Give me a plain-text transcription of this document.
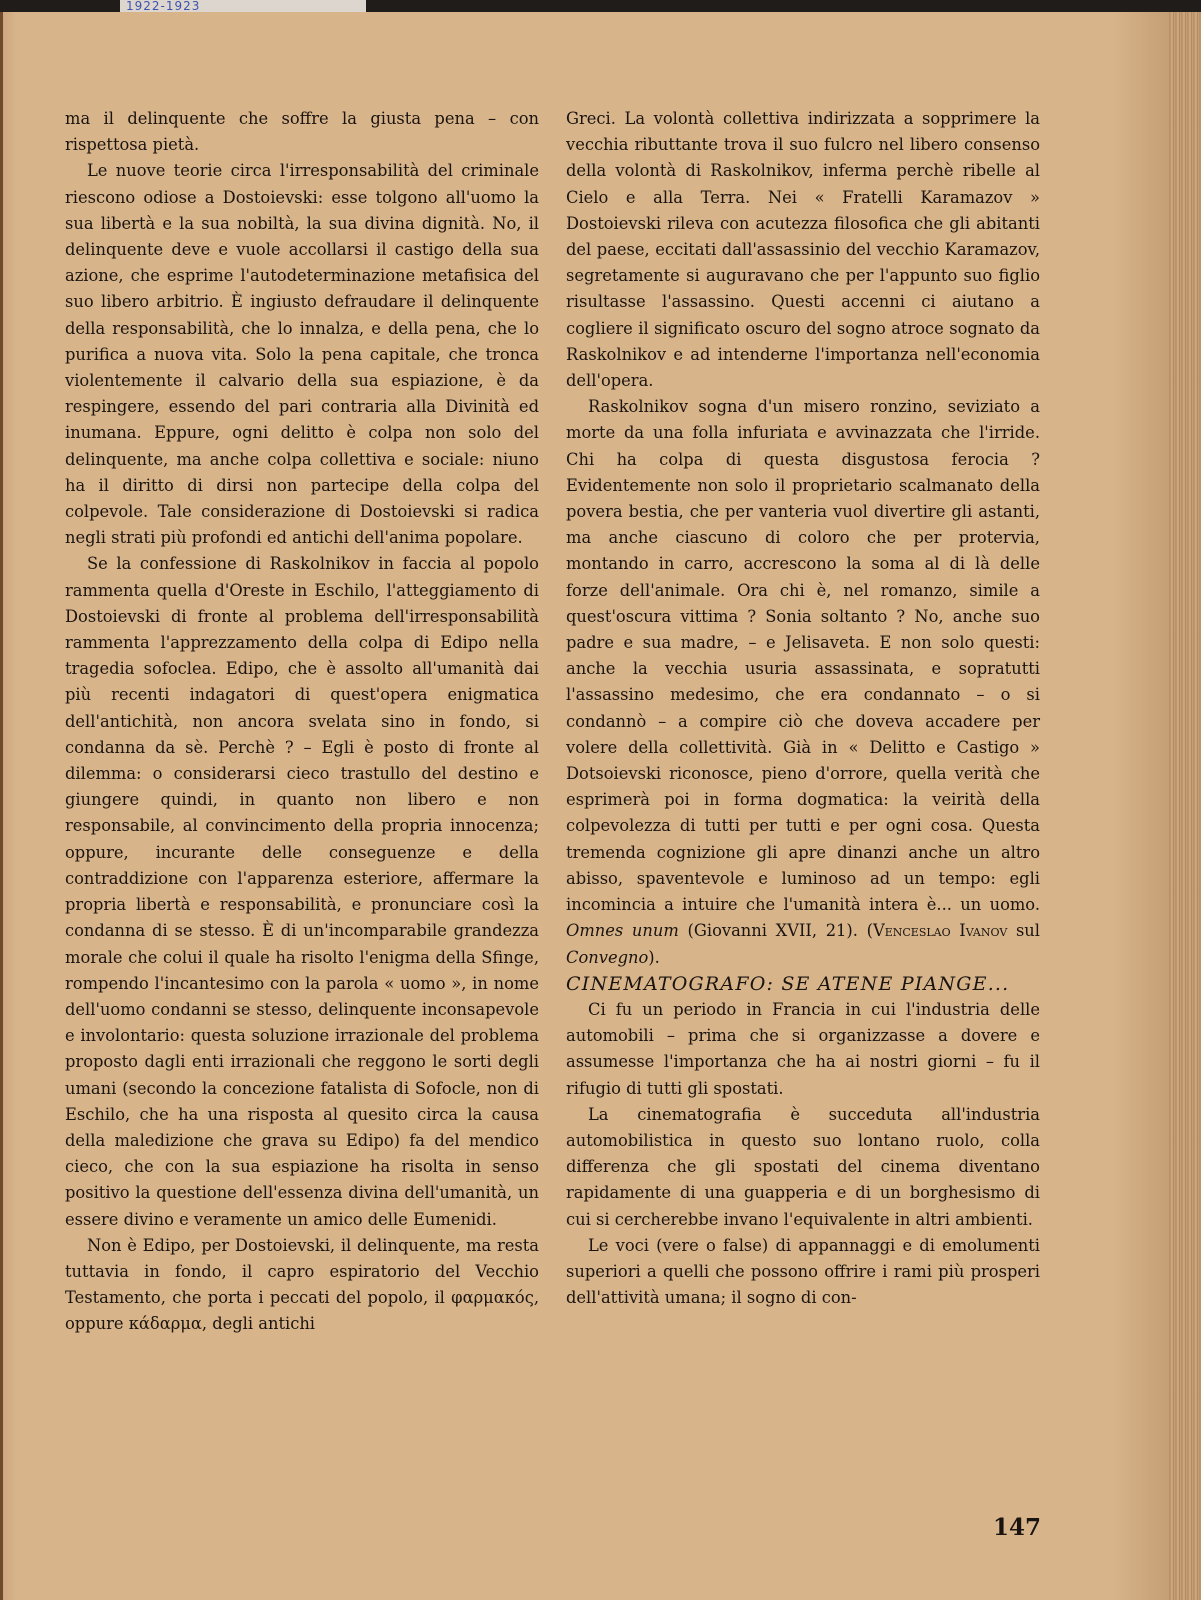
1922-1923

ma il delinquente che soffre la giusta pena – con rispettosa pietà.

Le nuove teorie circa l'irresponsabilità del criminale riescono odiose a Dostoievski: esse tolgono all'uomo la sua libertà e la sua nobiltà, la sua divina dignità. No, il delinquente deve e vuole accollarsi il castigo della sua azione, che esprime l'autodeterminazione metafisica del suo libero arbitrio. È ingiusto defraudare il delinquente della responsabilità, che lo innalza, e della pena, che lo purifica a nuova vita. Solo la pena capitale, che tronca violentemente il calvario della sua espiazione, è da respingere, essendo del pari contraria alla Divinità ed inumana. Eppure, ogni delitto è colpa non solo del delinquente, ma anche colpa collettiva e sociale: niuno ha il diritto di dirsi non partecipe della colpa del colpevole. Tale considerazione di Dostoievski si radica negli strati più profondi ed antichi dell'anima popolare.

Se la confessione di Raskolnikov in faccia al popolo rammenta quella d'Oreste in Eschilo, l'atteggiamento di Dostoievski di fronte al problema dell'irresponsabilità rammenta l'apprezzamento della colpa di Edipo nella tragedia sofoclea. Edipo, che è assolto all'umanità dai più recenti indagatori di quest'opera enigmatica dell'antichità, non ancora svelata sino in fondo, si condanna da sè. Perchè ? – Egli è posto di fronte al dilemma: o considerarsi cieco trastullo del destino e giungere quindi, in quanto non libero e non responsabile, al convincimento della propria innocenza; oppure, incurante delle conseguenze e della contraddizione con l'apparenza esteriore, affermare la propria libertà e responsabilità, e pronunciare così la condanna di se stesso. È di un'incomparabile grandezza morale che colui il quale ha risolto l'enigma della Sfinge, rompendo l'incantesimo con la parola « uomo », in nome dell'uomo condanni se stesso, delinquente inconsapevole e involontario: questa soluzione irrazionale del problema proposto dagli enti irrazionali che reggono le sorti degli umani (secondo la concezione fatalista di Sofocle, non di Eschilo, che ha una risposta al quesito circa la causa della maledizione che grava su Edipo) fa del mendico cieco, che con la sua espiazione ha risolta in senso positivo la questione dell'essenza divina dell'umanità, un essere divino e veramente un amico delle Eumenidi.

Non è Edipo, per Dostoievski, il delinquente, ma resta tuttavia in fondo, il capro espiratorio del Vecchio Testamento, che porta i peccati del popolo, il φαρμακός, oppure κάδαρμα, degli antichi

Greci. La volontà collettiva indirizzata a sopprimere la vecchia ributtante trova il suo fulcro nel libero consenso della volontà di Raskolnikov, inferma perchè ribelle al Cielo e alla Terra. Nei « Fratelli Karamazov » Dostoievski rileva con acutezza filosofica che gli abitanti del paese, eccitati dall'assassinio del vecchio Karamazov, segretamente si auguravano che per l'appunto suo figlio risultasse l'assassino. Questi accenni ci aiutano a cogliere il significato oscuro del sogno atroce sognato da Raskolnikov e ad intenderne l'importanza nell'economia dell'opera.

Raskolnikov sogna d'un misero ronzino, seviziato a morte da una folla infuriata e avvinazzata che l'irride. Chi ha colpa di questa disgustosa ferocia ? Evidentemente non solo il proprietario scalmanato della povera bestia, che per vanteria vuol divertire gli astanti, ma anche ciascuno di coloro che per protervia, montando in carro, accrescono la soma al di là delle forze dell'animale. Ora chi è, nel romanzo, simile a quest'oscura vittima ? Sonia soltanto ? No, anche suo padre e sua madre, – e Jelisaveta. E non solo questi: anche la vecchia usuria assassinata, e sopratutti l'assassino medesimo, che era condannato – o si condannò – a compire ciò che doveva accadere per volere della collettività. Già in « Delitto e Castigo » Dotsoievski riconosce, pieno d'orrore, quella verità che esprimerà poi in forma dogmatica: la veirità della colpevolezza di tutti per tutti e per ogni cosa. Questa tremenda cognizione gli apre dinanzi anche un altro abisso, spaventevole e luminoso ad un tempo: egli incomincia a intuire che l'umanità intera è... un uomo. Omnes unum (Giovanni XVII, 21). (Venceslao Ivanov sul Convegno).

CINEMATOGRAFO: SE ATENE PIANGE...

Ci fu un periodo in Francia in cui l'industria delle automobili – prima che si organizzasse a dovere e assumesse l'importanza che ha ai nostri giorni – fu il rifugio di tutti gli spostati.

La cinematografia è succeduta all'industria automobilistica in questo suo lontano ruolo, colla differenza che gli spostati del cinema diventano rapidamente di una guapperia e di un borghesismo di cui si cercherebbe invano l'equivalente in altri ambienti.

Le voci (vere o false) di appannaggi e di emolumenti superiori a quelli che possono offrire i rami più prosperi dell'attività umana; il sogno di con-

147
